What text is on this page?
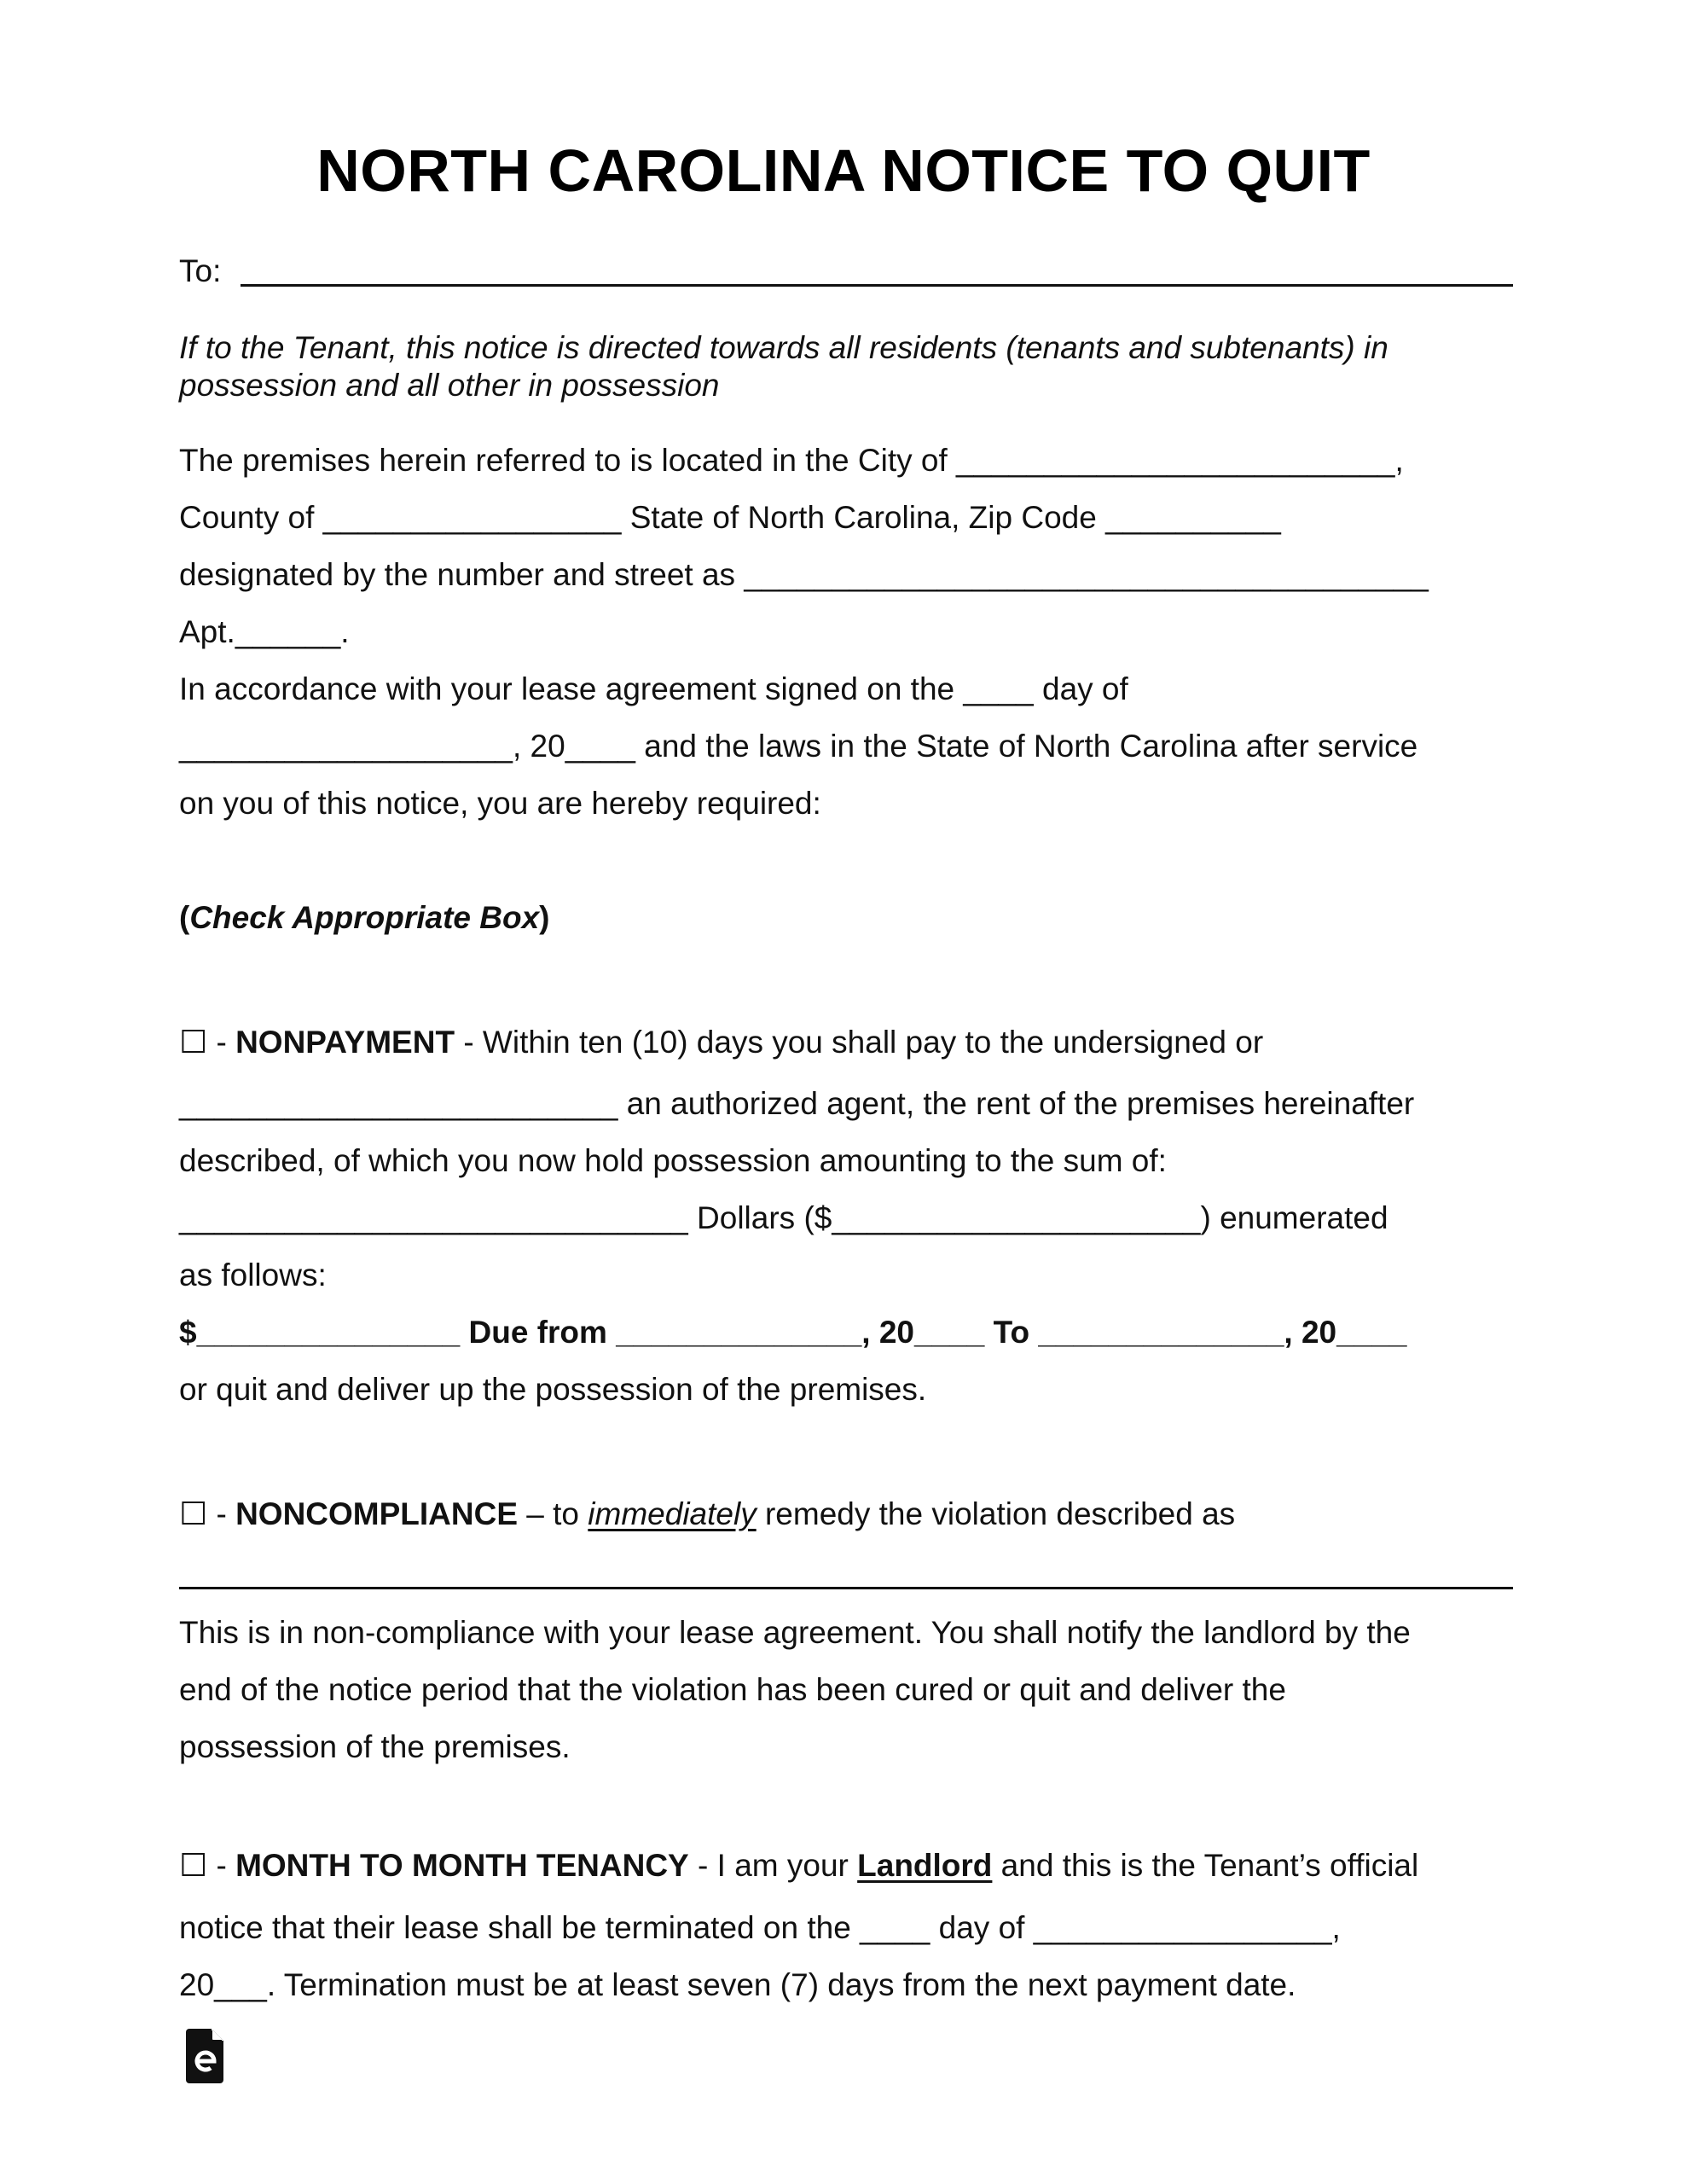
NORTH CAROLINA NOTICE TO QUIT
To:
If to the Tenant, this notice is directed towards all residents (tenants and subtenants) in
possession and all other in possession
The premises herein referred to is located in the City of _________________________,
County of _________________ State of North Carolina, Zip Code __________
designated by the number and street as _______________________________________
Apt.______.
In accordance with your lease agreement signed on the ____ day of
___________________, 20____ and the laws in the State of North Carolina after service
on you of this notice, you are hereby required:
(Check Appropriate Box)
☐ - NONPAYMENT - Within ten (10) days you shall pay to the undersigned or
_________________________ an authorized agent, the rent of the premises hereinafter
described, of which you now hold possession amounting to the sum of:
_____________________________ Dollars ($_____________________) enumerated
as follows:
$_______________ Due from ______________, 20____ To ______________, 20____
or quit and deliver up the possession of the premises.
☐ - NONCOMPLIANCE – to immediately remedy the violation described as
This is in non-compliance with your lease agreement. You shall notify the landlord by the
end of the notice period that the violation has been cured or quit and deliver the
possession of the premises.
☐ - MONTH TO MONTH TENANCY - I am your Landlord and this is the Tenant’s official
notice that their lease shall be terminated on the ____ day of _________________,
20___. Termination must be at least seven (7) days from the next payment date.
